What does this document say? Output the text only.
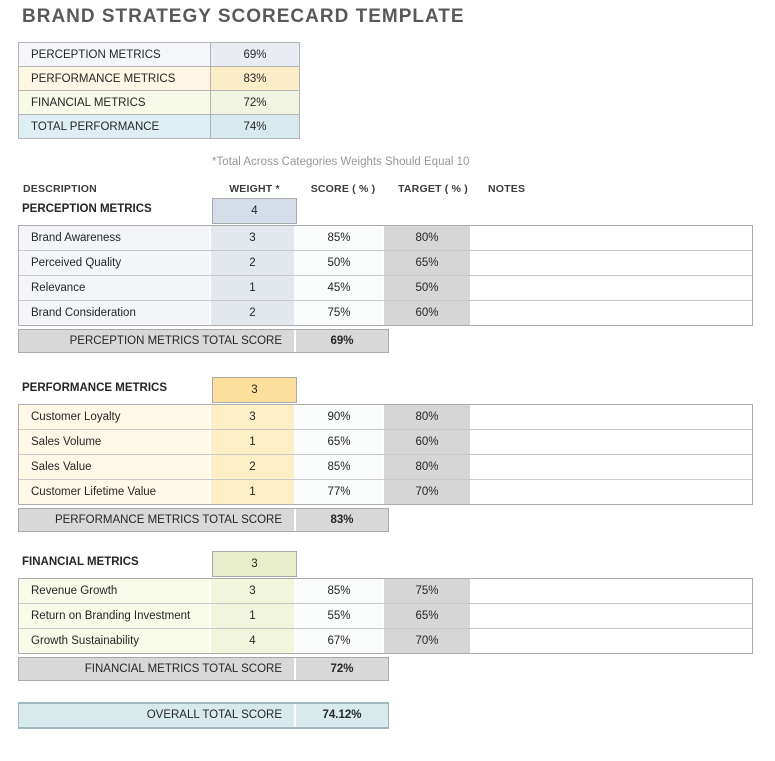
BRAND STRATEGY SCORECARD TEMPLATE
PERCEPTION METRICS	69%
PERFORMANCE METRICS	83%
FINANCIAL METRICS	72%
TOTAL PERFORMANCE	74%
*Total Across Categories Weights Should Equal 10
DESCRIPTION	WEIGHT *	SCORE ( % )	TARGET ( % )	NOTES
PERCEPTION METRICS	4
Brand Awareness	3	85%	80%
Perceived Quality	2	50%	65%
Relevance	1	45%	50%
Brand Consideration	2	75%	60%
PERCEPTION METRICS TOTAL SCORE	69%
PERFORMANCE METRICS	3
Customer Loyalty	3	90%	80%
Sales Volume	1	65%	60%
Sales Value	2	85%	80%
Customer Lifetime Value	1	77%	70%
PERFORMANCE METRICS TOTAL SCORE	83%
FINANCIAL METRICS	3
Revenue Growth	3	85%	75%
Return on Branding Investment	1	55%	65%
Growth Sustainability	4	67%	70%
FINANCIAL METRICS TOTAL SCORE	72%
OVERALL TOTAL SCORE	74.12%
